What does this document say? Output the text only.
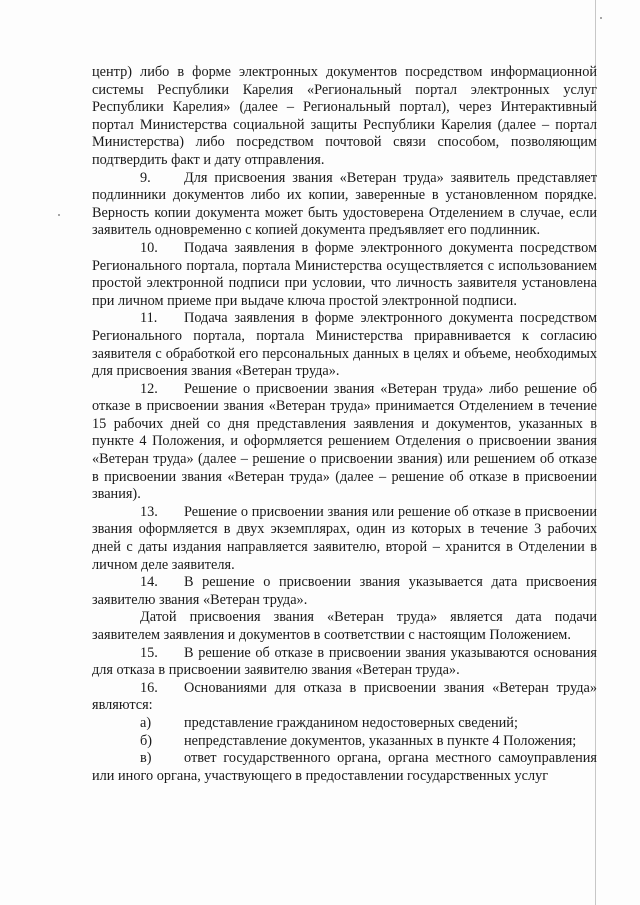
центр) либо в форме электронных документов посредством информационной системы Республики Карелия «Региональный портал электронных услуг Республики Карелия» (далее – Региональный портал), через Интерактивный портал Министерства социальной защиты Республики Карелия (далее – портал Министерства) либо посредством почтовой связи способом, позволяющим подтвердить факт и дату отправления.

9. Для присвоения звания «Ветеран труда» заявитель представляет подлинники документов либо их копии, заверенные в установленном порядке. Верность копии документа может быть удостоверена Отделением в случае, если заявитель одновременно с копией документа предъявляет его подлинник.

10. Подача заявления в форме электронного документа посредством Регионального портала, портала Министерства осуществляется с использованием простой электронной подписи при условии, что личность заявителя установлена при личном приеме при выдаче ключа простой электронной подписи.

11. Подача заявления в форме электронного документа посредством Регионального портала, портала Министерства приравнивается к согласию заявителя с обработкой его персональных данных в целях и объеме, необходимых для присвоения звания «Ветеран труда».

12. Решение о присвоении звания «Ветеран труда» либо решение об отказе в присвоении звания «Ветеран труда» принимается Отделением в течение 15 рабочих дней со дня представления заявления и документов, указанных в пункте 4 Положения, и оформляется решением Отделения о присвоении звания «Ветеран труда» (далее – решение о присвоении звания) или решением об отказе в присвоении звания «Ветеран труда» (далее – решение об отказе в присвоении звания).

13. Решение о присвоении звания или решение об отказе в присвоении звания оформляется в двух экземплярах, один из которых в течение 3 рабочих дней с даты издания направляется заявителю, второй – хранится в Отделении в личном деле заявителя.

14. В решение о присвоении звания указывается дата присвоения заявителю звания «Ветеран труда».

Датой присвоения звания «Ветеран труда» является дата подачи заявителем заявления и документов в соответствии с настоящим Положением.

15. В решение об отказе в присвоении звания указываются основания для отказа в присвоении заявителю звания «Ветеран труда».

16. Основаниями для отказа в присвоении звания «Ветеран труда» являются:

а)	представление гражданином недостоверных сведений;
б)	непредставление документов, указанных в пункте 4 Положения;
в) ответ государственного органа, органа местного самоуправления или иного органа, участвующего в предоставлении государственных услуг
